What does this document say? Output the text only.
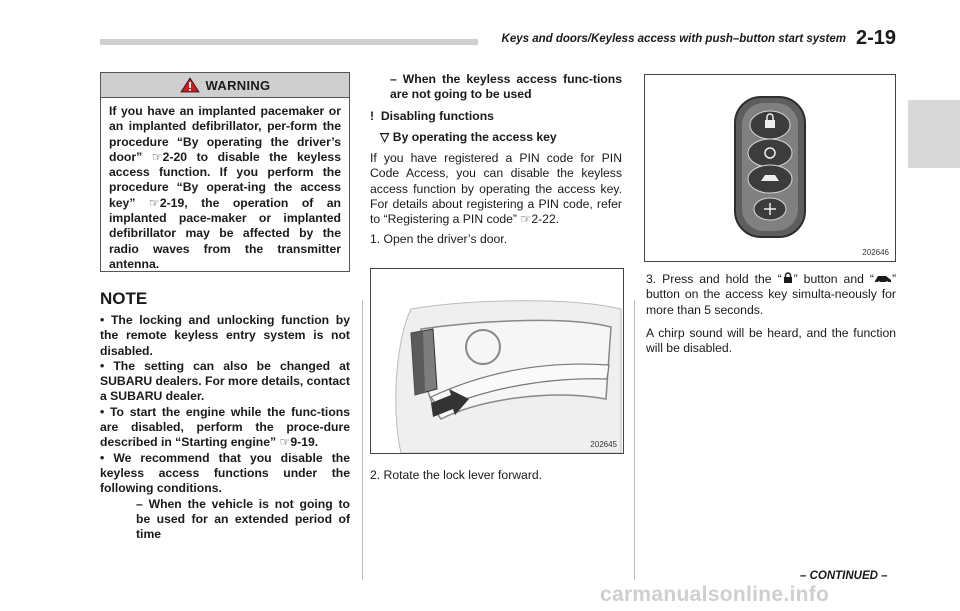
Keys and doors/Keyless access with push–button start system 2-19
WARNING
If you have an implanted pacemaker or an implanted defibrillator, per-form the procedure “By operating the driver’s door” ☞2-20 to disable the keyless access function. If you perform the procedure “By operat-ing the access key” ☞2-19, the operation of an implanted pace-maker or implanted defibrillator may be affected by the radio waves from the transmitter antenna.
NOTE

• The locking and unlocking function by the remote keyless entry system is not disabled.

• The setting can also be changed at SUBARU dealers. For more details, contact a SUBARU dealer.

• To start the engine while the func-tions are disabled, perform the proce-dure described in “Starting engine” ☞9-19.

• We recommend that you disable the keyless access functions under the following conditions.

– When the vehicle is not going to be used for an extended period of time

– When the keyless access func-tions are not going to be used

! Disabling functions

▽ By operating the access key

If you have registered a PIN code for PIN Code Access, you can disable the keyless access function by operating the access key. For details about registering a PIN code, refer to “Registering a PIN code” ☞2-22.

1. Open the driver’s door.

202645

2. Rotate the lock lever forward.

202646

3. Press and hold the “ ” button and “ ” button on the access key simulta-neously for more than 5 seconds.

A chirp sound will be heard, and the function will be disabled.

– CONTINUED –
carmanualsonline.info
